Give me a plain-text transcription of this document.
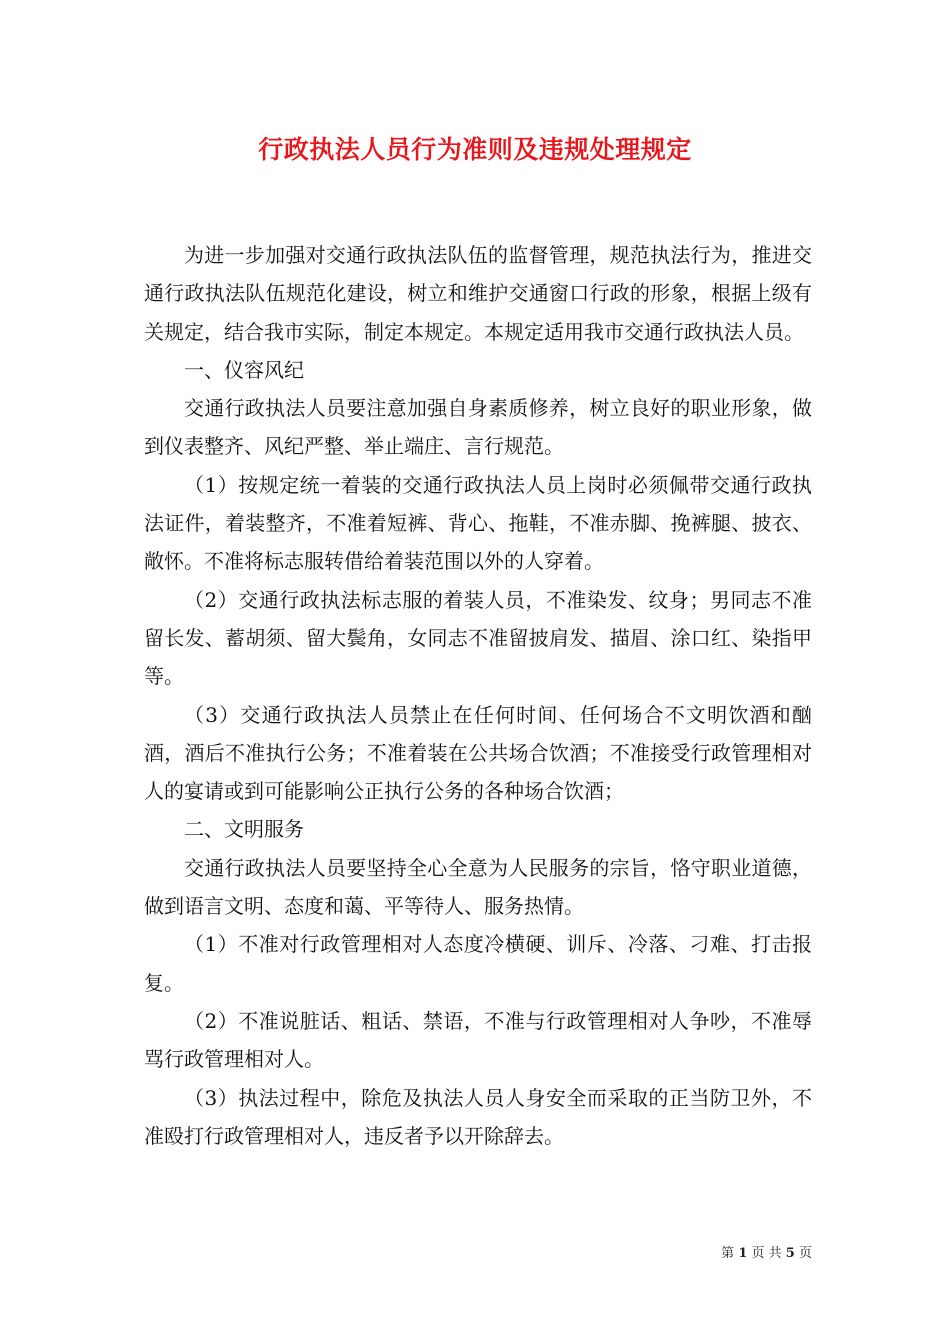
行政执法人员行为准则及违规处理规定

为进一步加强对交通行政执法队伍的监督管理，规范执法行为，推进交通行政执法队伍规范化建设，树立和维护交通窗口行政的形象，根据上级有关规定，结合我市实际，制定本规定。本规定适用我市交通行政执法人员。

一、仪容风纪

交通行政执法人员要注意加强自身素质修养，树立良好的职业形象，做到仪表整齐、风纪严整、举止端庄、言行规范。

（1）按规定统一着装的交通行政执法人员上岗时必须佩带交通行政执法证件，着装整齐，不准着短裤、背心、拖鞋，不准赤脚、挽裤腿、披衣、敞怀。不准将标志服转借给着装范围以外的人穿着。

（2）交通行政执法标志服的着装人员，不准染发、纹身；男同志不准留长发、蓄胡须、留大鬓角，女同志不准留披肩发、描眉、涂口红、染指甲等。

（3）交通行政执法人员禁止在任何时间、任何场合不文明饮酒和酗酒，酒后不准执行公务；不准着装在公共场合饮酒；不准接受行政管理相对人的宴请或到可能影响公正执行公务的各种场合饮酒；

二、文明服务

交通行政执法人员要坚持全心全意为人民服务的宗旨，恪守职业道德，做到语言文明、态度和蔼、平等待人、服务热情。

（1）不准对行政管理相对人态度冷横硬、训斥、冷落、刁难、打击报复。

（2）不准说脏话、粗话、禁语，不准与行政管理相对人争吵，不准辱骂行政管理相对人。

（3）执法过程中，除危及执法人员人身安全而采取的正当防卫外，不准殴打行政管理相对人，违反者予以开除辞去。

第 1 页 共 5 页
